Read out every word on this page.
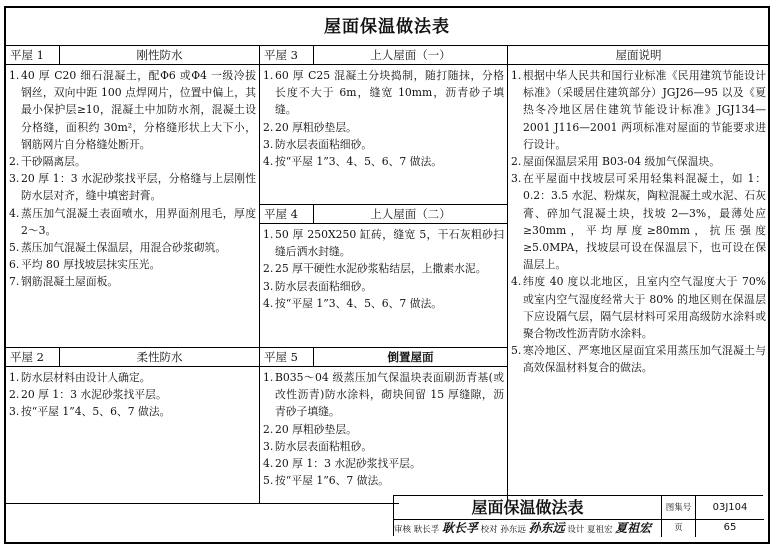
屋面保温做法表
平屋 1	刚性防水
1. 40 厚 C20 细石混凝土，配Φ6 或Φ4 一级冷拔钢丝，双向中距 100 点焊网片，位置中偏上，其最小保护层≥10，混凝土中加防水剂，混凝土设分格缝，面积约 30m²，分格缝形状上大下小，钢筋网片自分格缝处断开。
2. 干砂隔离层。
3. 20 厚 1：3 水泥砂浆找平层，分格缝与上层刚性防水层对齐，缝中填密封膏。
4. 蒸压加气混凝土表面喷水，用界面剂甩毛，厚度 2～3。
5. 蒸压加气混凝土保温层，用混合砂浆砌筑。
6. 平均 80 厚找坡层抹实压光。
7. 钢筋混凝土屋面板。
平屋 2	柔性防水
1. 防水层材料由设计人确定。
2. 20 厚 1：3 水泥砂浆找平层。
3. 按“平屋 1”4、5、6、7 做法。
平屋 3	上人屋面（一）
1. 60 厚 C25 混凝土分块捣制，随打随抹，分格长度不大于 6m，缝宽 10mm，沥青砂子填缝。
2. 20 厚粗砂垫层。
3. 防水层表面粘细砂。
4. 按“平屋 1”3、4、5、6、7 做法。
平屋 4	上人屋面（二）
1. 50 厚 250X250 缸砖，缝宽 5，干石灰粗砂扫缝后洒水封缝。
2. 25 厚干硬性水泥砂浆粘结层，上撒素水泥。
3. 防水层表面粘细砂。
4. 按“平屋 1”3、4、5、6、7 做法。
平屋 5	倒置屋面
1. B035～04 级蒸压加气保温块表面刷沥青基(或改性沥青)防水涂料，砌块间留 15 厚缝隙，沥青砂子填缝。
2. 20 厚粗砂垫层。
3. 防水层表面粘粗砂。
4. 20 厚 1：3 水泥砂浆找平层。
5. 按“平屋 1”6、7 做法。
屋面说明
1. 根据中华人民共和国行业标准《民用建筑节能设计标准》（采暖居住建筑部分）JGJ26—95 以及《夏热冬冷地区居住建筑节能设计标准》JGJ134—2001 J116—2001 两项标准对屋面的节能要求进行设计。
2. 屋面保温层采用 B03-04 级加气保温块。
3. 在平屋面中找坡层可采用轻集料混凝土，如 1：0.2：3.5 水泥、粉煤灰，陶粒混凝土或水泥、石灰膏、碎加气混凝土块，找坡 2—3%，最薄处应≥30mm，平均厚度≥80mm，抗压强度≥5.0MPA，找坡层可设在保温层下，也可设在保温层上。
4. 纬度 40 度以北地区，且室内空气湿度大于 70% 或室内空气湿度经常大于 80% 的地区则在保温层下应设隔气层，隔气层材料可采用高级防水涂料或聚合物改性沥青防水涂料。
5. 寒冷地区、严寒地区屋面宜采用蒸压加气混凝土与高效保温材料复合的做法。
屋面保温做法表	图集号	03J104
审核 耿长孚 耿长孚 校对 孙东远 孙东远 设计 夏祖宏 夏祖宏	页	65
